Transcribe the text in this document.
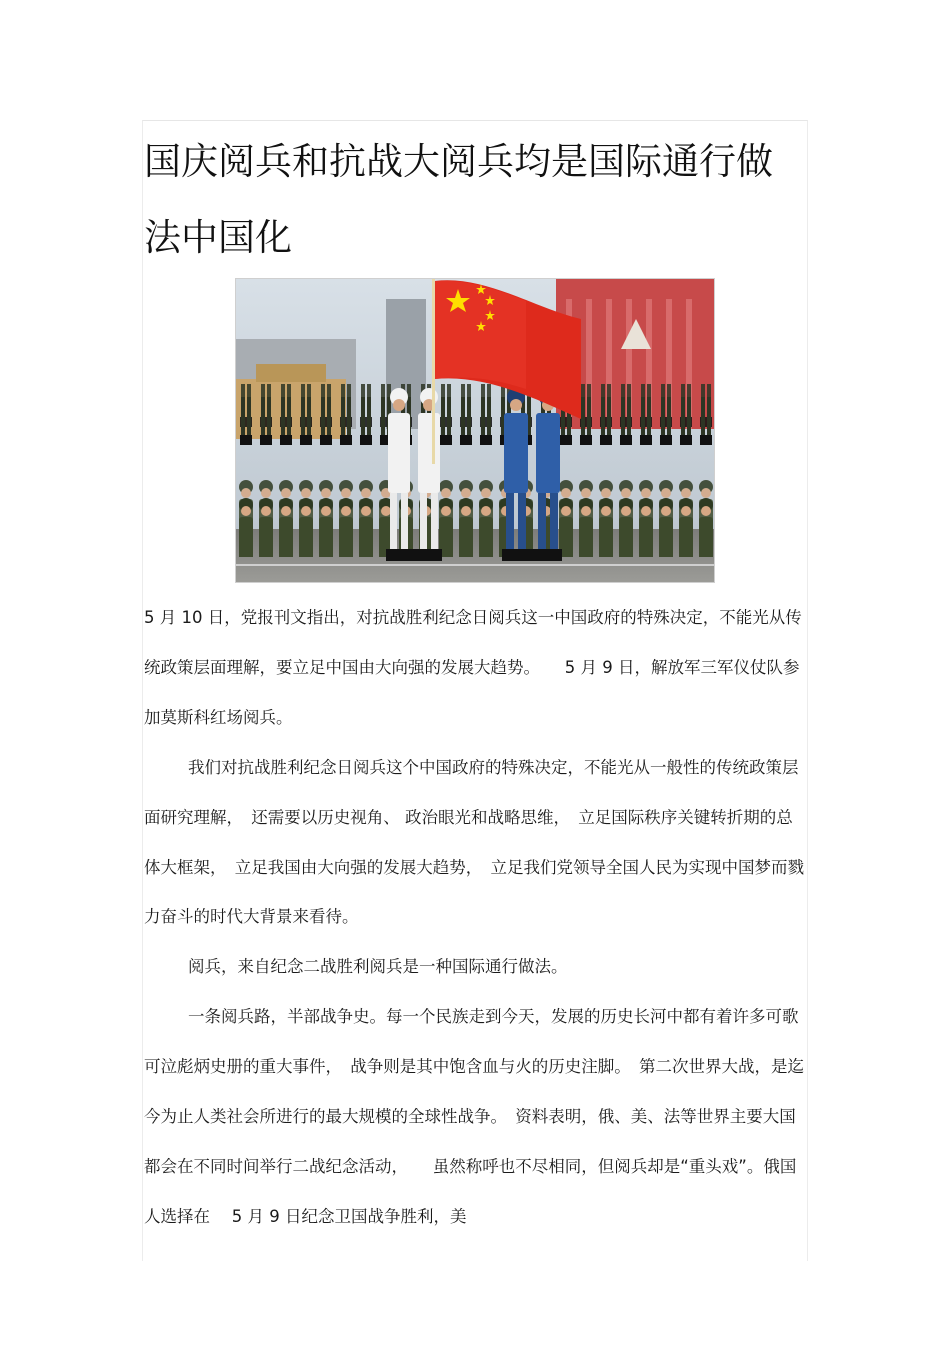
国庆阅兵和抗战大阅兵均是国际通行做法中国化

5 月 10 日，党报刊文指出，对抗战胜利纪念日阅兵这一中国政府的特殊决定，不能光从传统政策层面理解，要立足中国由大向强的发展大趋势。　　5 月 9 日，解放军三军仪仗队参加莫斯科红场阅兵。

我们对抗战胜利纪念日阅兵这个中国政府的特殊决定，不能光从一般性的传统政策层面研究理解，　还需要以历史视角、 政治眼光和战略思维，　立足国际秩序关键转折期的总体大框架，　立足我国由大向强的发展大趋势，　立足我们党领导全国人民为实现中国梦而戮力奋斗的时代大背景来看待。

阅兵，来自纪念二战胜利阅兵是一种国际通行做法。

一条阅兵路，半部战争史。每一个民族走到今天，发展的历史长河中都有着许多可歌可泣彪炳史册的重大事件，　战争则是其中饱含血与火的历史注脚。　第二次世界大战，是迄今为止人类社会所进行的最大规模的全球性战争。　资料表明，俄、美、法等世界主要大国都会在不同时间举行二战纪念活动，　　虽然称呼也不尽相同，但阅兵却是“重头戏”。俄国人选择在　 5 月 9 日纪念卫国战争胜利，美
